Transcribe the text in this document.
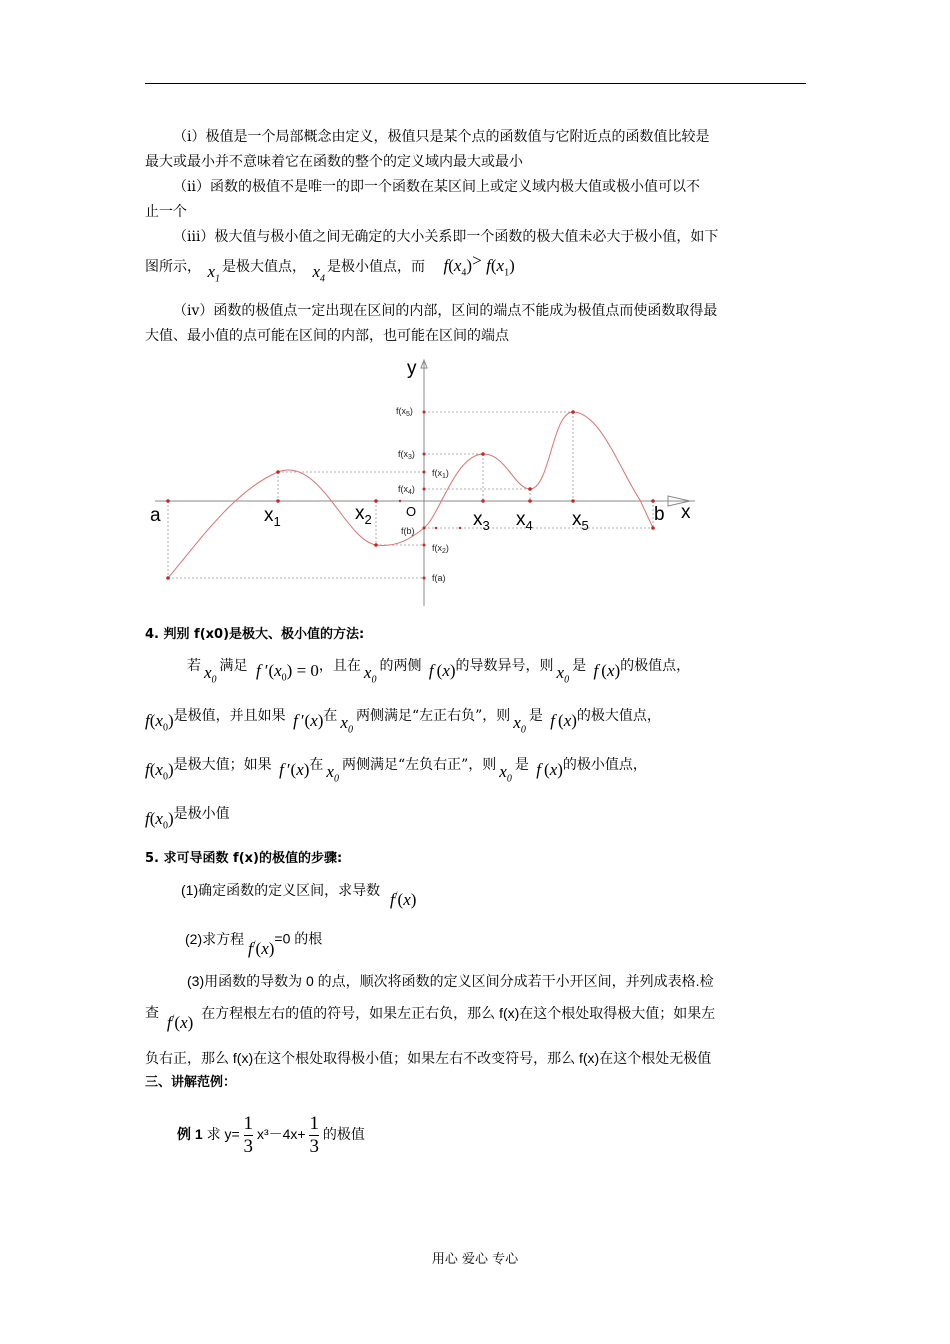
（ⅰ）极值是一个局部概念由定义，极值只是某个点的函数值与它附近点的函数值比较是
最大或最小并不意味着它在函数的整个的定义域内最大或最小
（ⅱ）函数的极值不是唯一的即一个函数在某区间上或定义域内极大值或极小值可以不
止一个
（ⅲ）极大值与极小值之间无确定的大小关系即一个函数的极大值未必大于极小值，如下
图所示， $x_1$是极大值点， $x_4$是极小值点，而 $f(x_4)> f(x_1)$
（ⅳ）函数的极值点一定出现在区间的内部，区间的端点不能成为极值点而使函数取得最
大值、最小值的点可能在区间的内部，也可能在区间的端点
y
x
O
a	$x_1$	$x_2$	$x_3$ $x_4$ $x_5$
b
$f(x_5)$
$f(x_3)$
$f(x_1)$
$f(x_4)$
f(b)
$f(x_2)$
f(a)
4. 判别 f(x0)是极大、极小值的方法:
若 $x_0$满足 f $'(x_0) = 0$，且在 $x_0$的两侧 f (x)的导数异号，则 $x_0$是 f (x)的极值点，
$f(x_0)$是极值，并且如果 f ′(x)在 $x_0$两侧满足“左正右负”，则 $x_0$是 f (x)的极大值点，
$f(x_0)$是极大值；如果 f ′(x)在 $x_0$两侧满足“左负右正”，则 $x_0$是 f (x)的极小值点，
$f(x_0)$是极小值
5. 求可导函数 f(x)的极值的步骤:
(1)确定函数的定义区间，求导数 f/(x)
(2)求方程 f/(x)=0 的根
(3)用函数的导数为 0 的点，顺次将函数的定义区间分成若干小开区间，并列成表格.检
查 f/(x) 在方程根左右的值的符号，如果左正右负，那么 f(x)在这个根处取得极大值；如果左
负右正，那么 f(x)在这个根处取得极小值；如果左右不改变符号，那么 f(x)在这个根处无极值
三、讲解范例：
例 1 求 $y= \frac{1}{3} x^3-4x+ \frac{1}{3}$ 的极值
用心 爱心 专心
